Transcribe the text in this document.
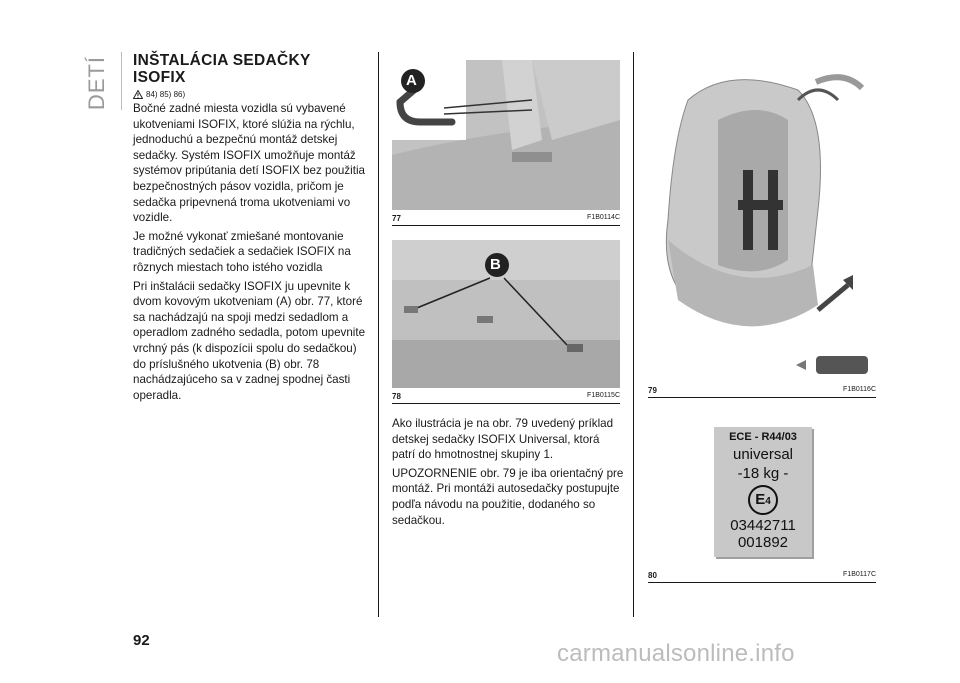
DETÍ INŠTALÁCIA SEDAČKY
ISOFIX

84) 85) 86)

Bočné zadné miesta vozidla sú vybavené ukotveniami ISOFIX, ktoré slúžia na rýchlu, jednoduchú a bezpečnú montáž detskej sedačky. Systém ISOFIX umožňuje montáž systémov pripútania detí ISOFIX bez použitia bezpečnostných pásov vozidla, pričom je sedačka pripevnená troma ukotveniami vo vozidle.

Je možné vykonať zmiešané montovanie tradičných sedačiek a sedačiek ISOFIX na rôznych miestach toho istého vozidla

Pri inštalácii sedačky ISOFIX ju upevnite k dvom kovovým ukotveniam (A) obr. 77, ktoré sa nachádzajú na spoji medzi sedadlom a operadlom zadného sedadla, potom upevnite vrchný pás (k dispozícii spolu do sedačkou) do príslušného ukotvenia (B) obr. 78 nachádzajúceho sa v zadnej spodnej časti operadla.

A
77	F1B0114C
B
78	F1B0115C

Ako ilustrácia je na obr. 79 uvedený príklad detskej sedačky ISOFIX Universal, ktorá patrí do hmotnostnej skupiny 1.

UPOZORNENIE obr. 79 je iba orientačný pre montáž. Pri montáži autosedačky postupujte podľa návodu na použitie, dodaného so sedačkou.

79	F1B0116C
ECE - R44/03
universal
-18 kg -
E4
03442711
001892
80	F1B0117C
92	carmanualsonline.info
